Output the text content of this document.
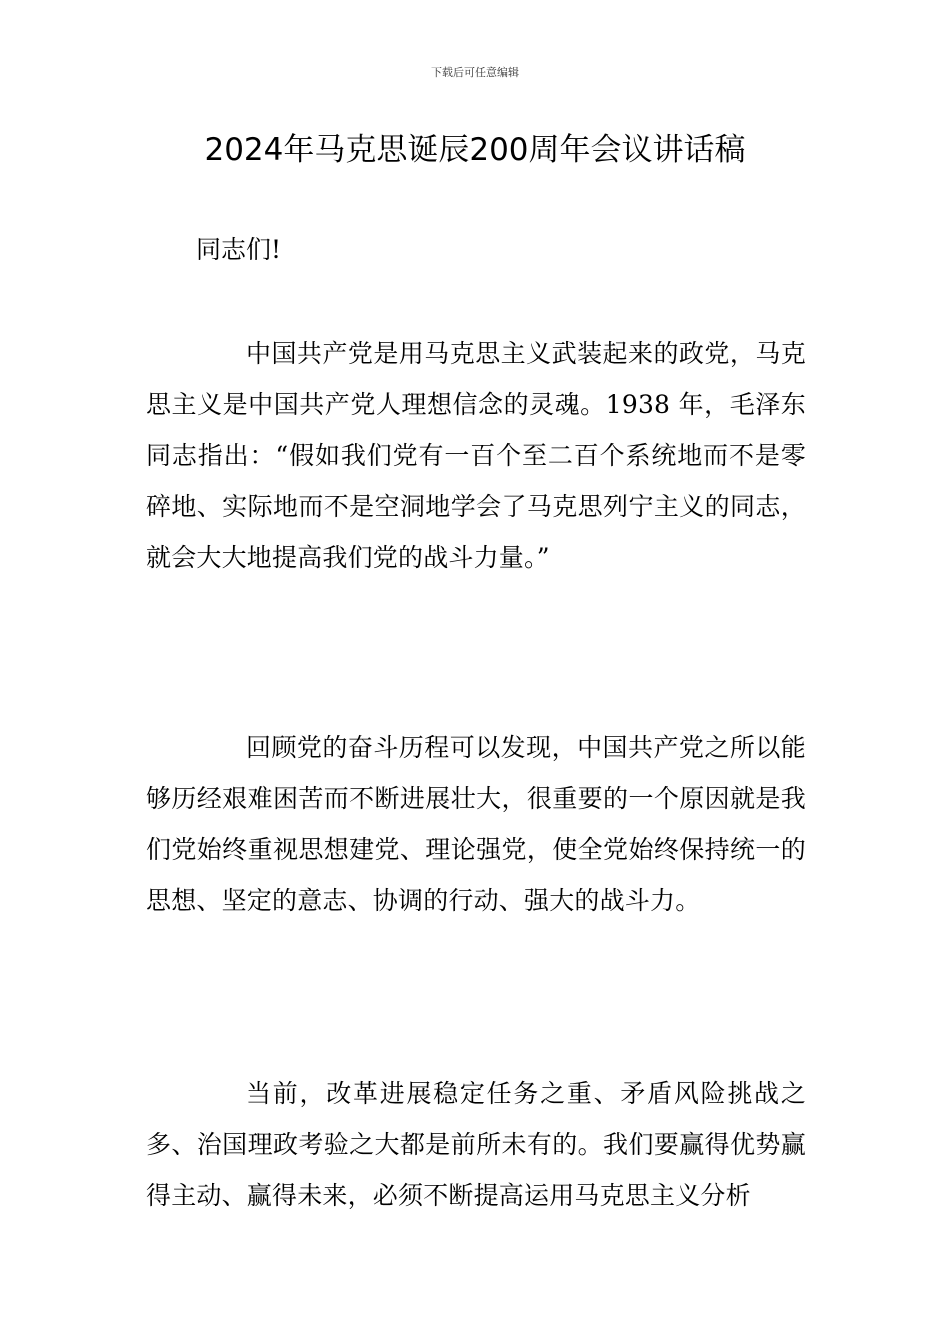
下载后可任意编辑
2024年马克思诞辰200周年会议讲话稿

同志们!

中国共产党是用马克思主义武装起来的政党，马克思主义是中国共产党人理想信念的灵魂。1938 年，毛泽东同志指出：“假如我们党有一百个至二百个系统地而不是零碎地、实际地而不是空洞地学会了马克思列宁主义的同志，就会大大地提高我们党的战斗力量。”

回顾党的奋斗历程可以发现，中国共产党之所以能够历经艰难困苦而不断进展壮大，很重要的一个原因就是我们党始终重视思想建党、理论强党，使全党始终保持统一的思想、坚定的意志、协调的行动、强大的战斗力。

当前，改革进展稳定任务之重、矛盾风险挑战之多、治国理政考验之大都是前所未有的。我们要赢得优势赢得主动、赢得未来，必须不断提高运用马克思主义分析
